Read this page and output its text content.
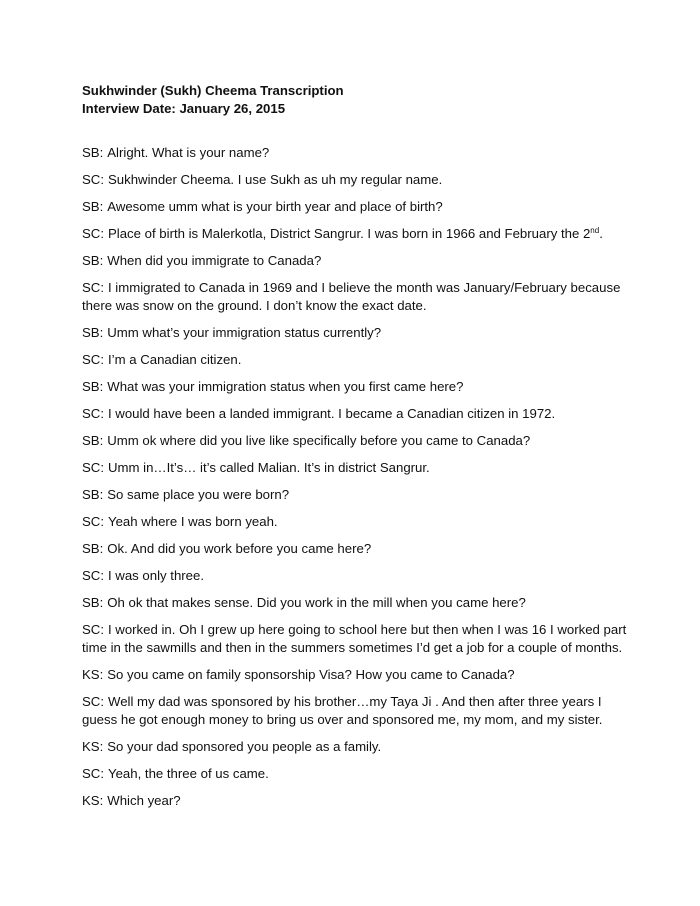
Sukhwinder (Sukh) Cheema Transcription

Interview Date: January 26, 2015

SB: Alright. What is your name?

SC: Sukhwinder Cheema. I use Sukh as uh my regular name.

SB: Awesome umm what is your birth year and place of birth?

SC: Place of birth is Malerkotla, District Sangrur. I was born in 1966 and February the 2nd.

SB: When did you immigrate to Canada?

SC: I immigrated to Canada in 1969 and I believe the month was January/February because there was snow on the ground. I don’t know the exact date.

SB: Umm what’s your immigration status currently?

SC: I’m a Canadian citizen.

SB: What was your immigration status when you first came here?

SC: I would have been a landed immigrant. I became a Canadian citizen in 1972.

SB: Umm ok where did you live like specifically before you came to Canada?

SC: Umm in…It’s… it’s called Malian. It’s in district Sangrur.

SB: So same place you were born?

SC: Yeah where I was born yeah.

SB: Ok. And did you work before you came here?

SC: I was only three.

SB: Oh ok that makes sense. Did you work in the mill when you came here?

SC: I worked in. Oh I grew up here going to school here but then when I was 16 I worked part time in the sawmills and then in the summers sometimes I’d get a job for a couple of months.

KS: So you came on family sponsorship Visa? How you came to Canada?

SC: Well my dad was sponsored by his brother…my Taya Ji . And then after three years I guess he got enough money to bring us over and sponsored me, my mom, and my sister.

KS: So your dad sponsored you people as a family.

SC: Yeah, the three of us came.

KS: Which year?
